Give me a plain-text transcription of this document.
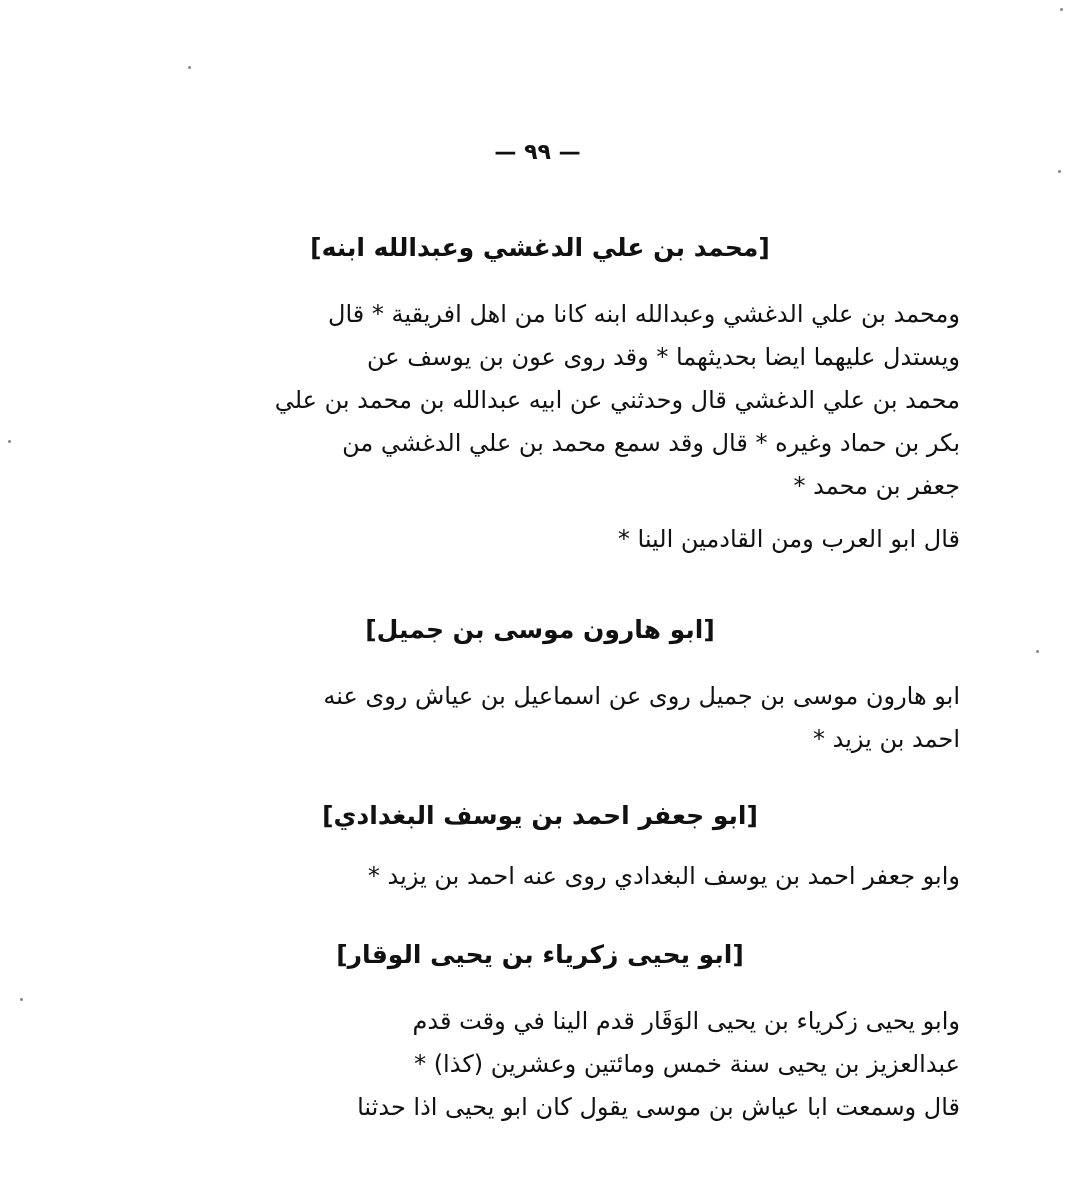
— ٩٩ —
[محمد بن علي الدغشي وعبدالله ابنه]
ومحمد بن علي الدغشي وعبدالله ابنه كانا من اهل افريقية * قال
ويستدل عليهما ايضا بحديثهما * وقد روى عون بن يوسف عن
محمد بن علي الدغشي قال وحدثني عن ابيه عبدالله بن محمد بن علي
بكر بن حماد وغيره * قال وقد سمع محمد بن علي الدغشي من
جعفر بن محمد *
قال ابو العرب ومن القادمين الينا *
[ابو هارون موسى بن جميل]
ابو هارون موسى بن جميل روى عن اسماعيل بن عياش روى عنه
احمد بن يزيد *
[ابو جعفر احمد بن يوسف البغدادي]
وابو جعفر احمد بن يوسف البغدادي روى عنه احمد بن يزيد *
[ابو يحيى زكرياء بن يحيى الوقار]
وابو يحيى زكرياء بن يحيى الوَقَار قدم الينا في وقت قدم
عبدالعزيز بن يحيى سنة خمس ومائتين وعشرين (كذا) *
قال وسمعت ابا عياش بن موسى يقول كان ابو يحيى اذا حدثنا
